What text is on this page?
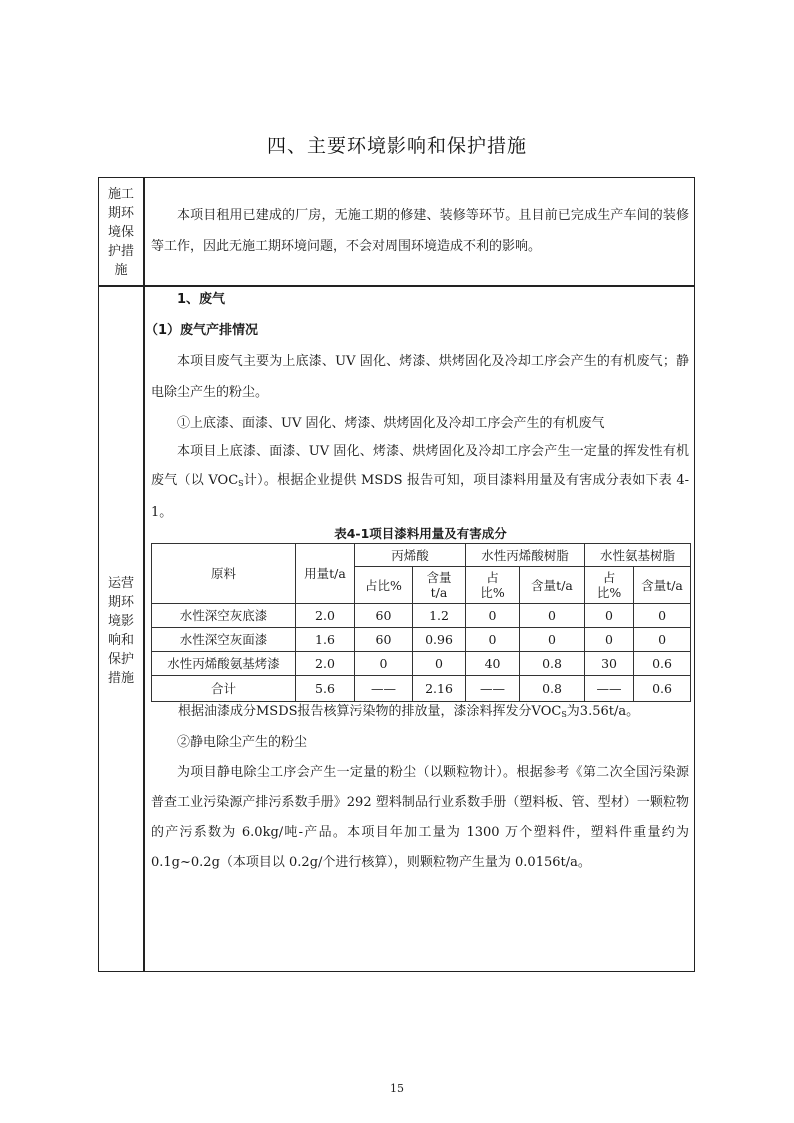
四、主要环境影响和保护措施
施工
期环
境保
护措
施
本项目租用已建成的厂房，无施工期的修建、装修等环节。且目前已完成生产车间的装修等工作，因此无施工期环境问题，不会对周围环境造成不利的影响。
运营
期环
境影
响和
保护
措施
1、废气
（1）废气产排情况
本项目废气主要为上底漆、UV 固化、烤漆、烘烤固化及冷却工序会产生的有机废气；静电除尘产生的粉尘。
①上底漆、面漆、UV 固化、烤漆、烘烤固化及冷却工序会产生的有机废气
本项目上底漆、面漆、UV 固化、烤漆、烘烤固化及冷却工序会产生一定量的挥发性有机废气（以 $VOC_S$计）。根据企业提供 MSDS 报告可知，项目漆料用量及有害成分表如下表 4-1。
表4-1项目漆料用量及有害成分
原料	用量t/a	丙烯酸		水性丙烯酸树脂		水性氨基树脂	
		占比%	含量t/a	占比%	含量t/a	占比%	含量t/a
水性深空灰底漆	2.0	60	1.2	0	0	0	0
水性深空灰面漆	1.6	60	0.96	0	0	0	0
水性丙烯酸氨基烤漆	2.0	0	0	40	0.8	30	0.6
合计	5.6	——	2.16	——	0.8	——	0.6
根据油漆成分MSDS报告核算污染物的排放量，漆涂料挥发分$VOC_S$为3.56t/a。
②静电除尘产生的粉尘
为项目静电除尘工序会产生一定量的粉尘（以颗粒物计）。根据参考《第二次全国污染源普查工业污染源产排污系数手册》292 塑料制品行业系数手册（塑料板、管、型材）一颗粒物的产污系数为 6.0kg/吨-产品。本项目年加工量为 1300 万个塑料件，塑料件重量约为 0.1g~0.2g（本项目以 0.2g/个进行核算），则颗粒物产生量为 0.0156t/a。
15
